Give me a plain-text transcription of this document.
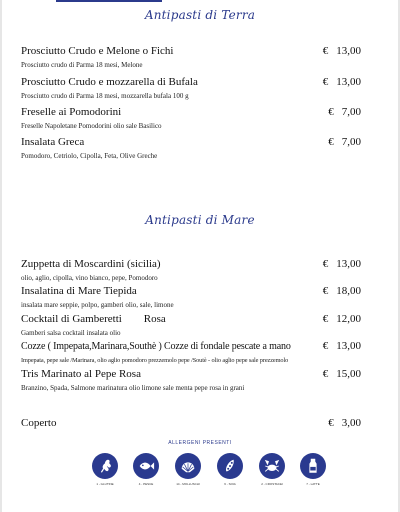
Antipasti di Terra
Prosciutto Crudo e Melone o Fichi
Prosciutto crudo di Parma 18 mesi, Melone
€ 13,00
Prosciutto Crudo e mozzarella di Bufala
Prosciutto crudo di Parma 18 mesi, mozzarella bufala 100 g
€ 13,00
Freselle ai Pomodorini
Freselle Napoletane Pomodorini olio sale Basilico
€ 7,00
Insalata Greca
Pomodoro, Cetriolo, Cipolla, Feta, Olive Greche
€ 7,00
Antipasti di Mare
Zuppetta di Moscardini (sicilia)
olio, aglio, cipolla, vino bianco, pepe, Pomodoro
€ 13,00
Insalatina di Mare Tiepida
insalata mare seppie, polpo, gamberi olio, sale, limone
€ 18,00
Cocktail di Gamberetti        Rosa
Gamberi salsa cocktail insalata olio
€ 12,00
Cozze ( Impepata,Marinara,Southè ) Cozze di fondale pescate a mano
Impepata, pepe sale /Marinara, olio aglio pomodoro prezzemolo pepe /Soutè - olio aglio pepe sale prezzemolo
€ 13,00
Tris Marinato al Pepe Rosa
Branzino, Spada, Salmone marinatura olio limone sale menta pepe rosa in grani
€ 15,00
Coperto	€ 3,00
ALLERGENI PRESENTI
1 - GLUTINE	4 - PESCE	14 - MOLLUSCHI	6 - SOIA	2 - CROSTACEI	7 - LATTE
